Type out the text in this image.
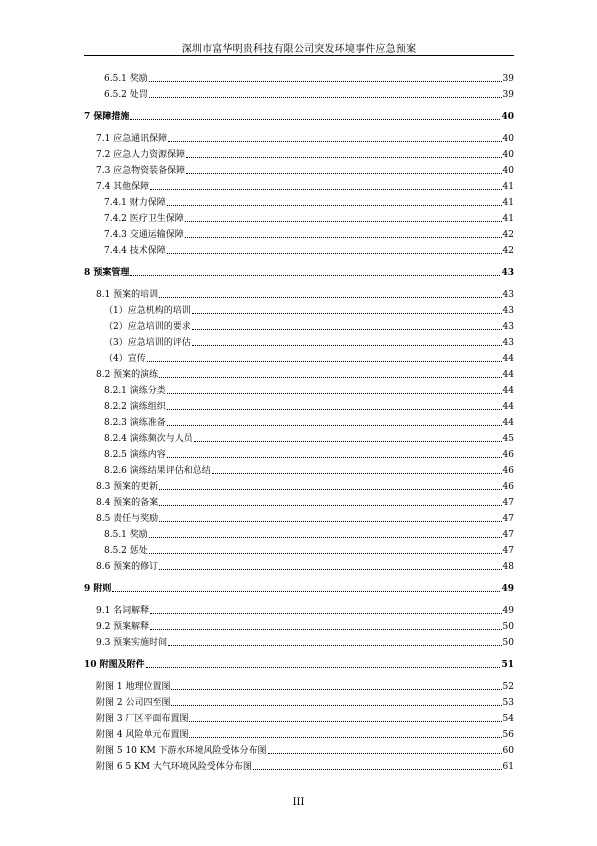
深圳市富华明贵科技有限公司突发环境事件应急预案
6.5.1 奖励	39
6.5.2 处罚	39
7 保障措施	40
7.1 应急通讯保障	40
7.2 应急人力资源保障	40
7.3 应急物资装备保障	40
7.4 其他保障	41
7.4.1 财力保障	41
7.4.2 医疗卫生保障	41
7.4.3 交通运输保障	42
7.4.4 技术保障	42
8 预案管理	43
8.1 预案的培训	43
（1）应急机构的培训	43
（2）应急培训的要求	43
（3）应急培训的评估	43
（4）宣传	44
8.2 预案的演练	44
8.2.1 演练分类	44
8.2.2 演练组织	44
8.2.3 演练准备	44
8.2.4 演练频次与人员	45
8.2.5 演练内容	46
8.2.6 演练结果评估和总结	46
8.3 预案的更新	46
8.4 预案的备案	47
8.5 责任与奖励	47
8.5.1 奖励	47
8.5.2 惩处	47
8.6 预案的修订	48
9 附则	49
9.1 名词解释	49
9.2 预案解释	50
9.3 预案实施时间	50
10 附图及附件	51
附图 1 地理位置图	52
附图 2 公司四至图	53
附图 3 厂区平面布置图	54
附图 4 风险单元布置图	56
附图 5 10 KM 下游水环境风险受体分布图	60
附图 6 5 KM 大气环境风险受体分布图	61
III
